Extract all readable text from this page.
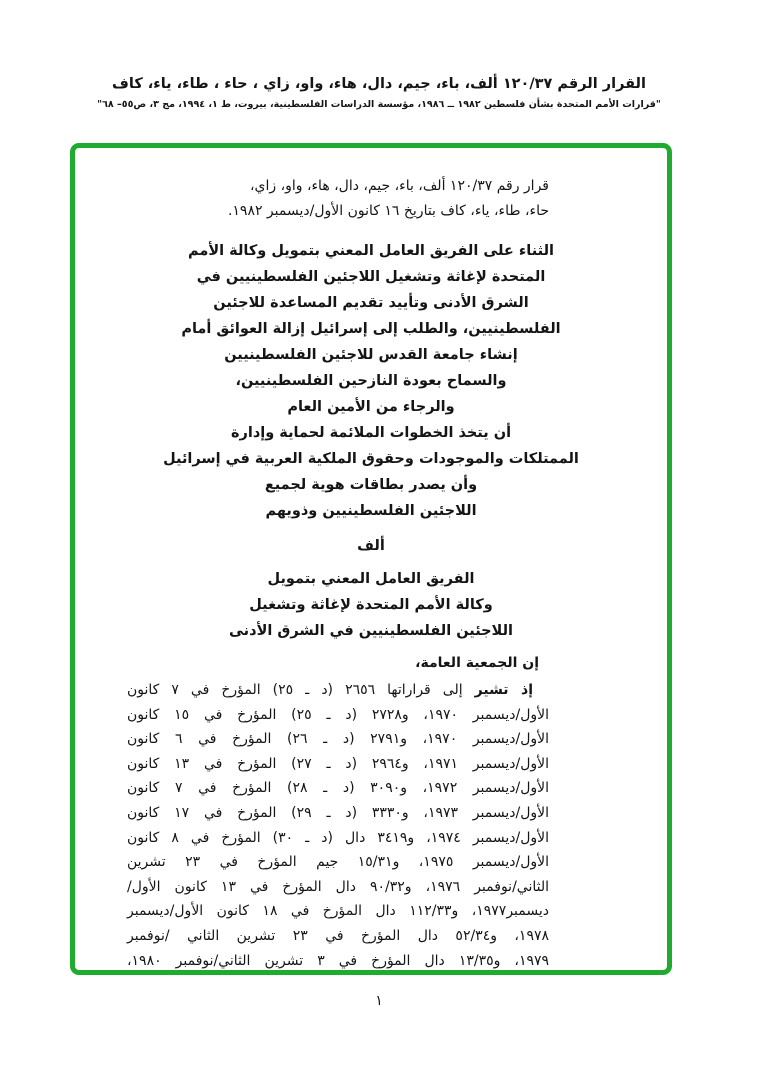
القرار الرقم ١٢٠/٣٧ ألف، باء، جيم، دال، هاء، واو، زاي ، حاء ، طاء، ياء، كاف
"قرارات الأمم المتحدة بشأن فلسطين ١٩٨٢ ــ ١٩٨٦، مؤسسة الدراسات الفلسطينية، بيروت، ط ١، ١٩٩٤، مج ٣، ص٥٥– ٦٨"
قرار رقم ١٢٠/٣٧ ألف، باء، جيم، دال، هاء، واو، زاي،
حاء، طاء، ياء، كاف بتاريخ ١٦ كانون الأول/ديسمبر ١٩٨٢.
الثناء على الفريق العامل المعني بتمويل وكالة الأمم
المتحدة لإغاثة وتشغيل اللاجئين الفلسطينيين في
الشرق الأدنى وتأييد تقديم المساعدة للاجئين
الفلسطينيين، والطلب إلى إسرائيل إزالة العوائق أمام
إنشاء جامعة القدس للاجئين الفلسطينيين
والسماح بعودة النازحين الفلسطينيين،
والرجاء من الأمين العام
أن يتخذ الخطوات الملائمة لحماية وإدارة
الممتلكات والموجودات وحقوق الملكية العربية في إسرائيل
وأن يصدر بطاقات هوية لجميع
اللاجئين الفلسطينيين وذويهم
ألف
الفريق العامل المعني بتمويل
وكالة الأمم المتحدة لإغاثة وتشغيل
اللاجئين الفلسطينيين في الشرق الأدنى
إن الجمعية العامة،
إذ تشير إلى قراراتها ٢٦٥٦ (د ـ ٢٥) المؤرخ في ٧ كانون
الأول/ديسمبر ١٩٧٠، و٢٧٢٨ (د ـ ٢٥) المؤرخ في ١٥ كانون
الأول/ديسمبر ١٩٧٠، و٢٧٩١ (د ـ ٢٦) المؤرخ في ٦ كانون
الأول/ديسمبر ١٩٧١، و٢٩٦٤ (د ـ ٢٧) المؤرخ في ١٣ كانون
الأول/ديسمبر ١٩٧٢، و٣٠٩٠ (د ـ ٢٨) المؤرخ في ٧ كانون
الأول/ديسمبر ١٩٧٣، و٣٣٣٠ (د ـ ٢٩) المؤرخ في ١٧ كانون
الأول/ديسمبر ١٩٧٤، و٣٤١٩ دال (د ـ ٣٠) المؤرخ في ٨ كانون
الأول/ديسمبر ١٩٧٥، و١٥/٣١ جيم المؤرخ في ٢٣ تشرين
الثاني/نوفمبر ١٩٧٦، و٩٠/٣٢ دال المؤرخ في ١٣ كانون الأول/
ديسمبر١٩٧٧، و١١٢/٣٣ دال المؤرخ في ١٨ كانون الأول/ديسمبر
١٩٧٨، و٥٢/٣٤ دال المؤرخ في ٢٣ تشرين الثاني /نوفمبر
١٩٧٩، و١٣/٣٥ دال المؤرخ في ٣ تشرين الثاني/نوفمبر ١٩٨٠،
١
